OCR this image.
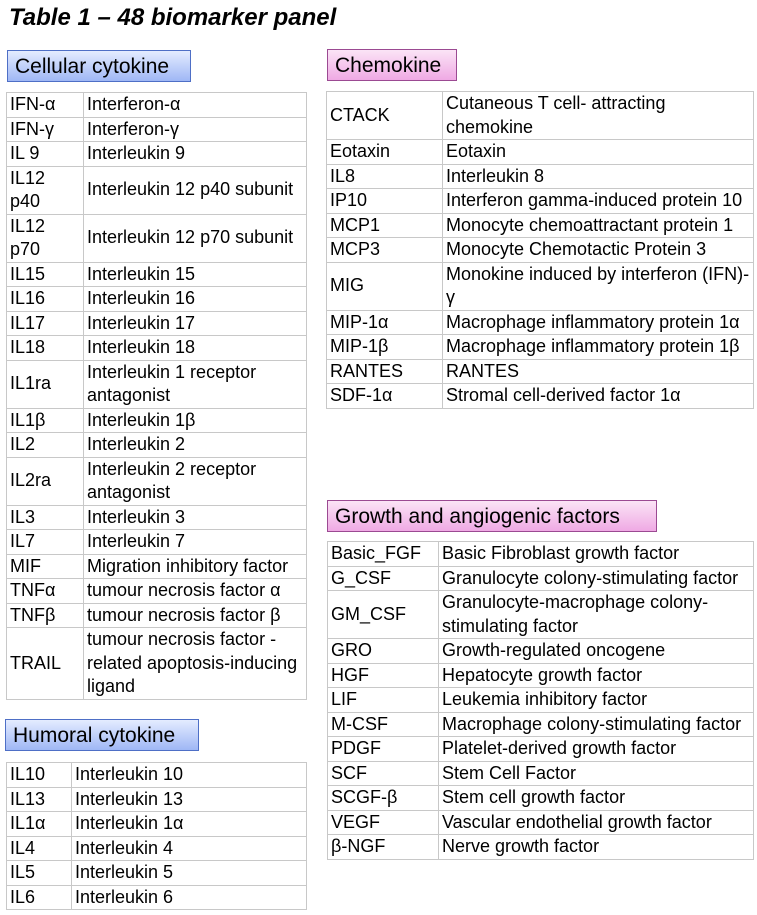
Table 1 – 48 biomarker panel
Cellular cytokine
IFN-α	Interferon-α
IFN-γ	Interferon-γ
IL 9	Interleukin 9
IL12 p40	Interleukin 12 p40 subunit
IL12 p70	Interleukin 12 p70 subunit
IL15	Interleukin 15
IL16	Interleukin 16
IL17	Interleukin 17
IL18	Interleukin 18
IL1ra	Interleukin 1 receptor antagonist
IL1β	Interleukin 1β
IL2	Interleukin 2
IL2ra	Interleukin 2 receptor antagonist
IL3	Interleukin 3
IL7	Interleukin 7
MIF	Migration inhibitory factor
TNFα	tumour necrosis factor α
TNFβ	tumour necrosis factor β
TRAIL	tumour necrosis factor - related apoptosis-inducing ligand
Humoral cytokine
IL10	Interleukin 10
IL13	Interleukin 13
IL1α	Interleukin 1α
IL4	Interleukin 4
IL5	Interleukin 5
IL6	Interleukin 6
Chemokine
CTACK	Cutaneous T cell- attracting chemokine
Eotaxin	Eotaxin
IL8	Interleukin 8
IP10	Interferon gamma-induced protein 10
MCP1	Monocyte chemoattractant protein 1
MCP3	Monocyte Chemotactic Protein 3
MIG	Monokine induced by interferon (IFN)-γ
MIP-1α	Macrophage inflammatory protein 1α
MIP-1β	Macrophage inflammatory protein 1β
RANTES	RANTES
SDF-1α	Stromal cell-derived factor 1α
Growth and angiogenic factors
Basic_FGF	Basic Fibroblast growth factor
G_CSF	Granulocyte colony-stimulating factor
GM_CSF	Granulocyte-macrophage colony-stimulating factor
GRO	Growth-regulated oncogene
HGF	Hepatocyte growth factor
LIF	Leukemia inhibitory factor
M-CSF	Macrophage colony-stimulating factor
PDGF	Platelet-derived growth factor
SCF	Stem Cell Factor
SCGF-β	Stem cell growth factor
VEGF	Vascular endothelial growth factor
β-NGF	Nerve growth factor
